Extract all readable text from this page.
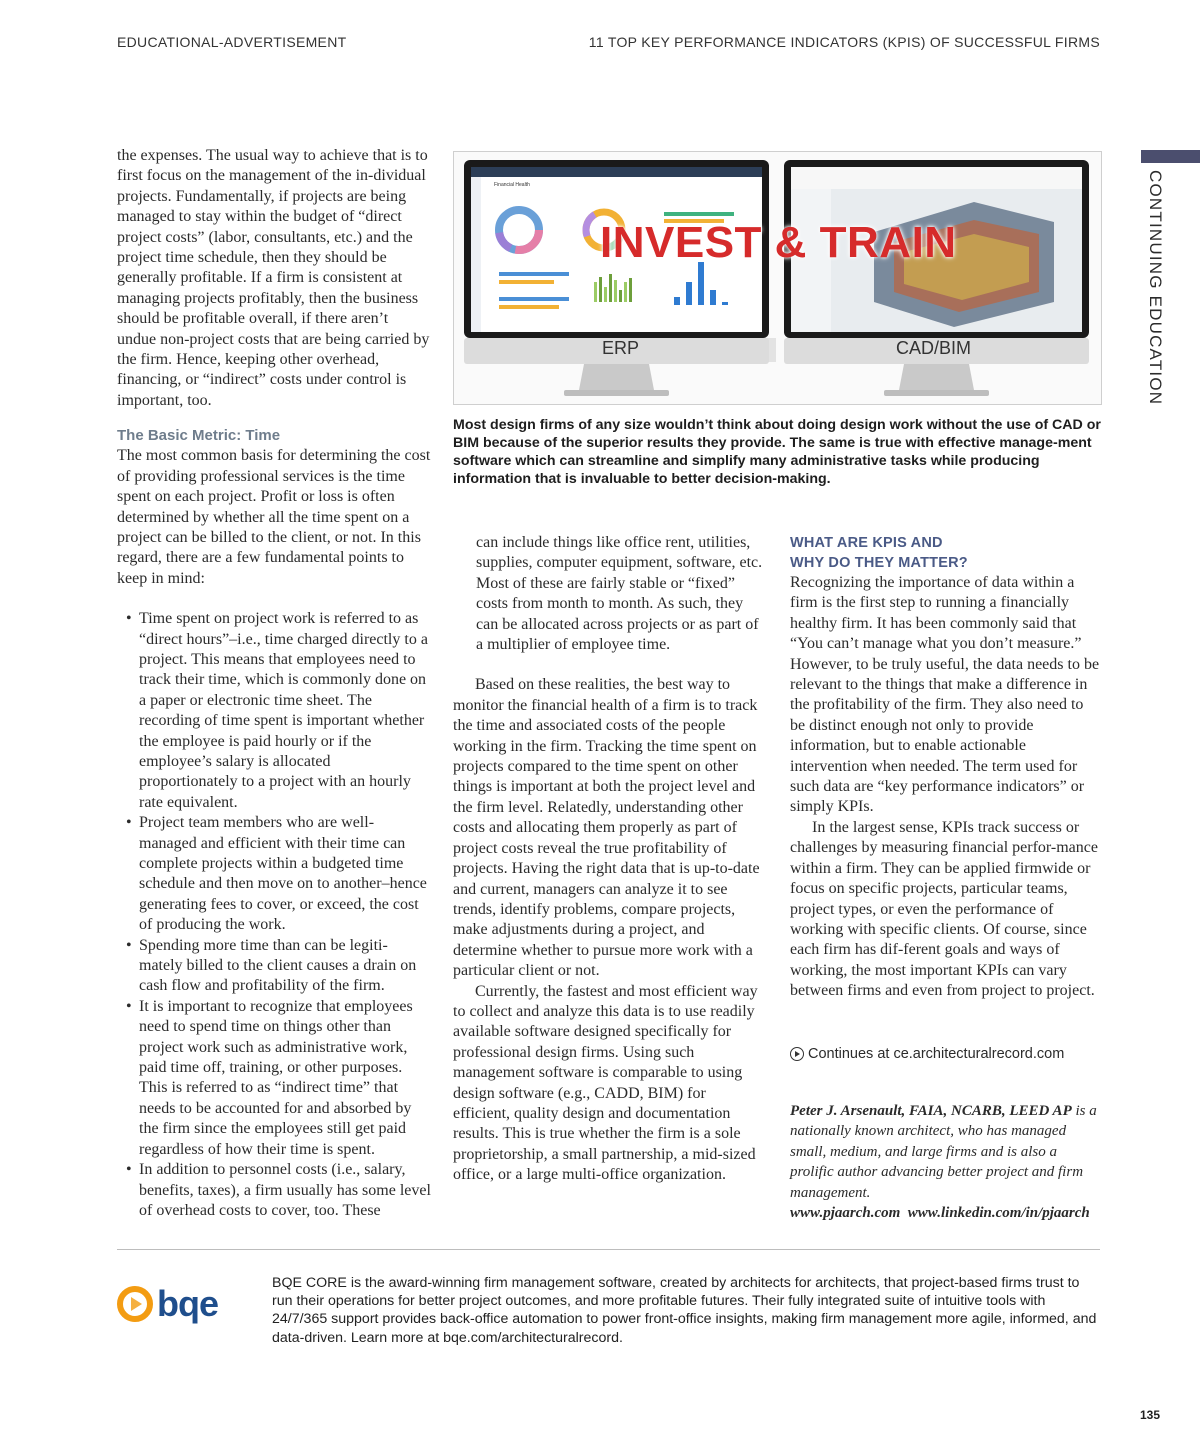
EDUCATIONAL-ADVERTISEMENT	11 TOP KEY PERFORMANCE INDICATORS (KPIS) OF SUCCESSFUL FIRMS
CONTINUING EDUCATION

the expenses. The usual way to achieve that is to first focus on the management of the in-dividual projects. Fundamentally, if projects are being managed to stay within the budget of “direct project costs” (labor, consultants, etc.) and the project time schedule, then they should be generally profitable. If a firm is consistent at managing projects profitably, then the business should be profitable overall, if there aren’t undue non-project costs that are being carried by the firm. Hence, keeping other overhead, financing, or “indirect” costs under control is important, too.

The Basic Metric: Time

The most common basis for determining the cost of providing professional services is the time spent on each project. Profit or loss is often determined by whether all the time spent on a project can be billed to the client, or not. In this regard, there are a few fundamental points to keep in mind:

• Time spent on project work is referred to as “direct hours”–i.e., time charged directly to a project. This means that employees need to track their time, which is commonly done on a paper or electronic time sheet. The recording of time spent is important whether the employee is paid hourly or if the employee’s salary is allocated proportionately to a project with an hourly rate equivalent.
• Project team members who are well-managed and efficient with their time can complete projects within a budgeted time schedule and then move on to another–hence generating fees to cover, or exceed, the cost of producing the work.
• Spending more time than can be legiti-mately billed to the client causes a drain on cash flow and profitability of the firm.
• It is important to recognize that employees need to spend time on things other than project work such as administrative work, paid time off, training, or other purposes. This is referred to as “indirect time” that needs to be accounted for and absorbed by the firm since the employees still get paid regardless of how their time is spent.
• In addition to personnel costs (i.e., salary, benefits, taxes), a firm usually has some level of overhead costs to cover, too. These
INVEST & TRAIN
ERP	CAD/BIM
Financial Health
Most design firms of any size wouldn’t think about doing design work without the use of CAD or BIM because of the superior results they provide. The same is true with effective manage-ment software which can streamline and simplify many administrative tasks while producing information that is invaluable to better decision-making.

can include things like office rent, utilities, supplies, computer equipment, software, etc. Most of these are fairly stable or “fixed” costs from month to month. As such, they can be allocated across projects or as part of a multiplier of employee time.

Based on these realities, the best way to monitor the financial health of a firm is to track the time and associated costs of the people working in the firm. Tracking the time spent on projects compared to the time spent on other things is important at both the project level and the firm level. Relatedly, understanding other costs and allocating them properly as part of project costs reveal the true profitability of projects. Having the right data that is up-to-date and current, managers can analyze it to see trends, identify problems, compare projects, make adjustments during a project, and determine whether to pursue more work with a particular client or not.

Currently, the fastest and most efficient way to collect and analyze this data is to use readily available software designed specifically for professional design firms. Using such management software is comparable to using design software (e.g., CADD, BIM) for efficient, quality design and documentation results. This is true whether the firm is a sole proprietorship, a small partnership, a mid-sized office, or a large multi-office organization.

WHAT ARE KPIS AND
WHY DO THEY MATTER?

Recognizing the importance of data within a firm is the first step to running a financially healthy firm. It has been commonly said that “You can’t manage what you don’t measure.” However, to be truly useful, the data needs to be relevant to the things that make a difference in the profitability of the firm. They also need to be distinct enough not only to provide information, but to enable actionable intervention when needed. The term used for such data are “key performance indicators” or simply KPIs.

In the largest sense, KPIs track success or challenges by measuring financial perfor-mance within a firm. They can be applied firmwide or focus on specific projects, particular teams, project types, or even the performance of working with specific clients. Of course, since each firm has dif-ferent goals and ways of working, the most important KPIs can vary between firms and even from project to project.

Continues at ce.architecturalrecord.com

Peter J. Arsenault, FAIA, NCARB, LEED AP is a nationally known architect, who has managed small, medium, and large firms and is also a prolific author advancing better project and firm management.

www.pjaarch.com  www.linkedin.com/in/pjaarch

bqe	BQE CORE is the award-winning firm management software, created by architects for architects, that project-based firms trust to run their operations for better project outcomes, and more profitable futures. Their fully integrated suite of intuitive tools with 24/7/365 support provides back-office automation to power front-office insights, making firm management more agile, informed, and data-driven. Learn more at bqe.com/architecturalrecord.
135
